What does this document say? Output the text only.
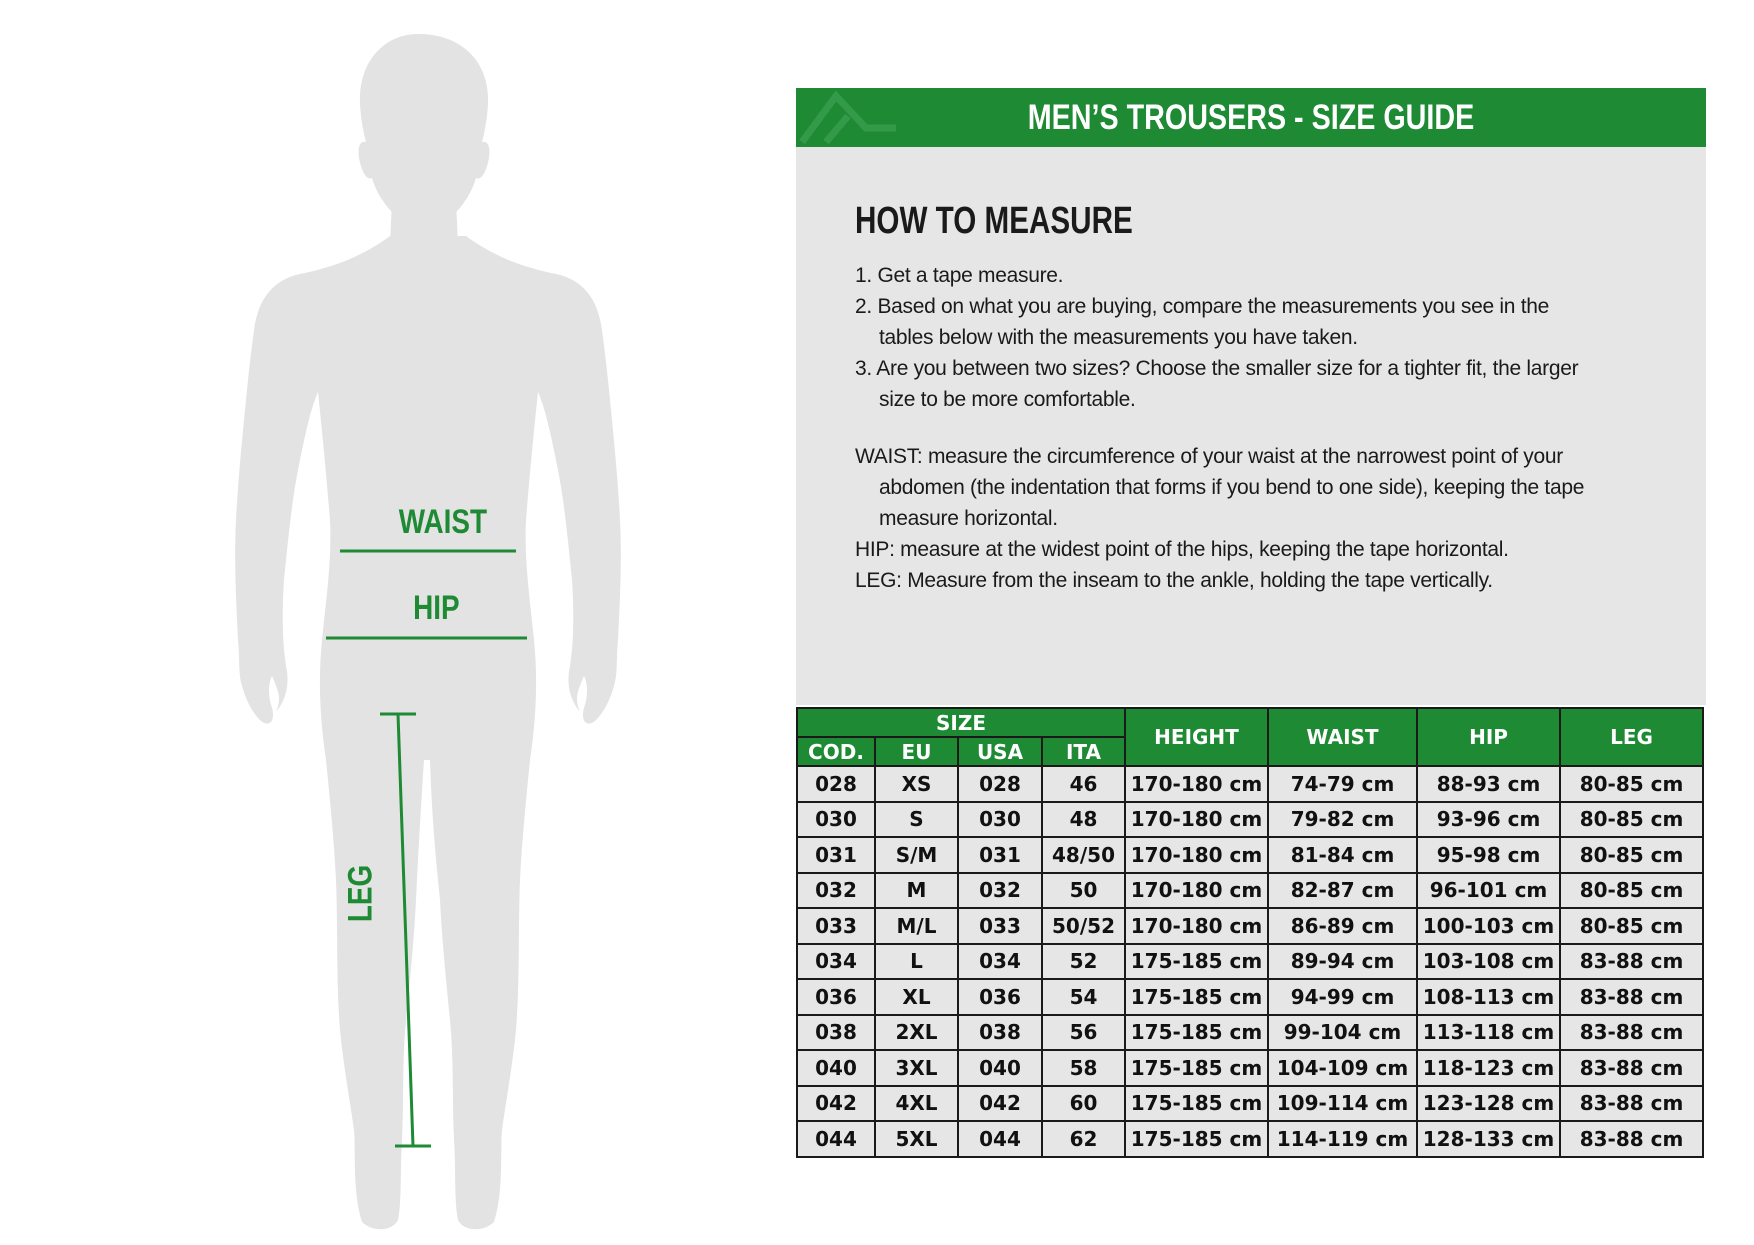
WAIST
HIP
LEG
MEN’S TROUSERS - SIZE GUIDE
HOW TO MEASURE
1. Get a tape measure.
2. Based on what you are buying, compare the measurements you see in the
tables below with the measurements you have taken.
3. Are you between two sizes? Choose the smaller size for a tighter fit, the larger
size to be more comfortable.
WAIST: measure the circumference of your waist at the narrowest point of your
abdomen (the indentation that forms if you bend to one side), keeping the tape
measure horizontal.
HIP: measure at the widest point of the hips, keeping the tape horizontal.
LEG: Measure from the inseam to the ankle, holding the tape vertically.
SIZE				HEIGHT	WAIST	HIP	LEG
COD.	EU	USA	ITA				
028	XS	028	46	170-180 cm	74-79 cm	88-93 cm	80-85 cm
030	S	030	48	170-180 cm	79-82 cm	93-96 cm	80-85 cm
031	S/M	031	48/50	170-180 cm	81-84 cm	95-98 cm	80-85 cm
032	M	032	50	170-180 cm	82-87 cm	96-101 cm	80-85 cm
033	M/L	033	50/52	170-180 cm	86-89 cm	100-103 cm	80-85 cm
034	L	034	52	175-185 cm	89-94 cm	103-108 cm	83-88 cm
036	XL	036	54	175-185 cm	94-99 cm	108-113 cm	83-88 cm
038	2XL	038	56	175-185 cm	99-104 cm	113-118 cm	83-88 cm
040	3XL	040	58	175-185 cm	104-109 cm	118-123 cm	83-88 cm
042	4XL	042	60	175-185 cm	109-114 cm	123-128 cm	83-88 cm
044	5XL	044	62	175-185 cm	114-119 cm	128-133 cm	83-88 cm
